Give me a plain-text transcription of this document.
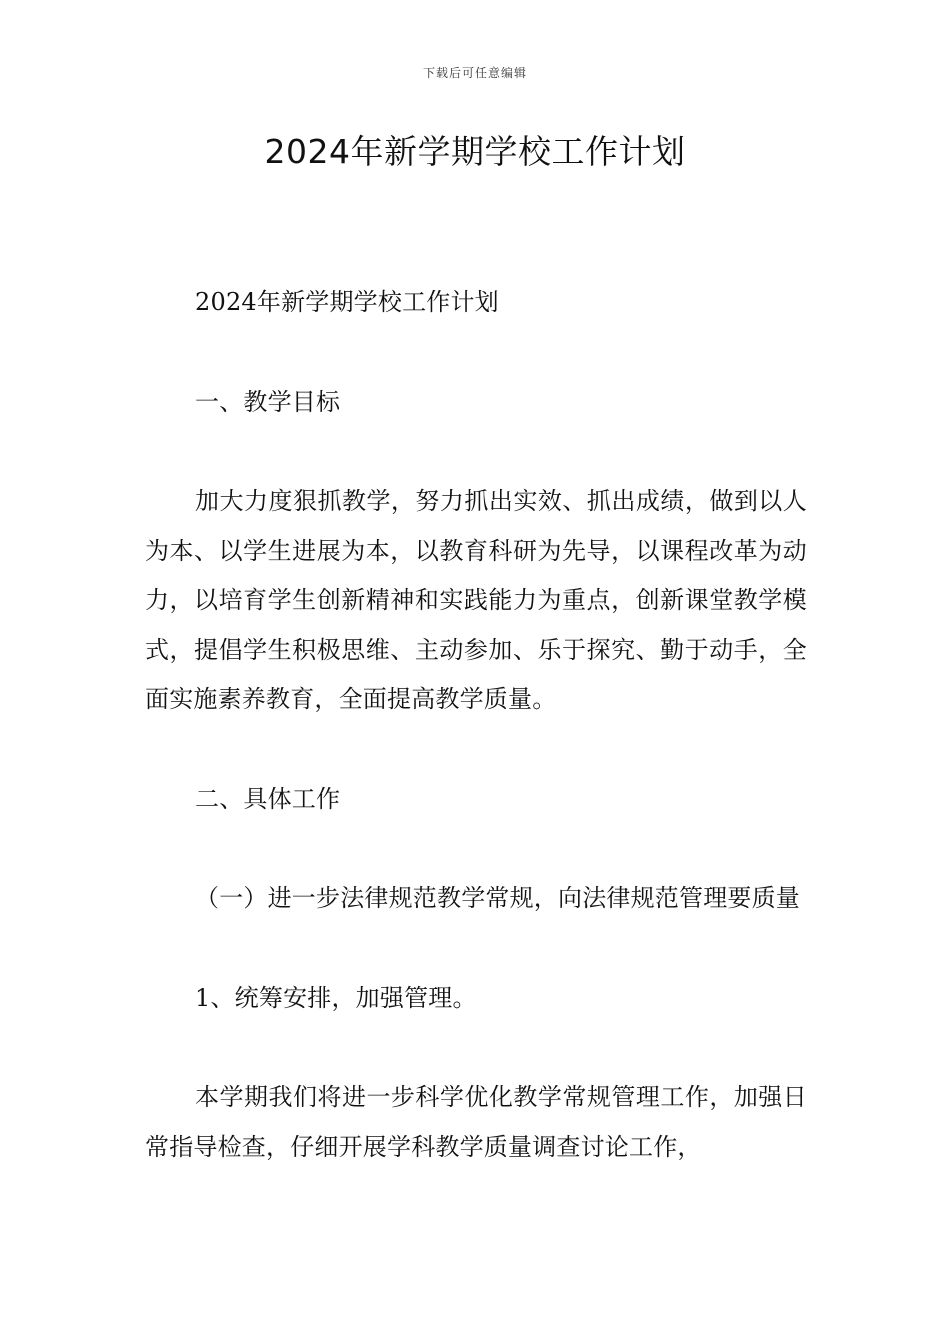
下载后可任意编辑
2024年新学期学校工作计划

2024年新学期学校工作计划

一、教学目标

加大力度狠抓教学，努力抓出实效、抓出成绩，做到以人为本、以学生进展为本，以教育科研为先导，以课程改革为动力，以培育学生创新精神和实践能力为重点，创新课堂教学模式，提倡学生积极思维、主动参加、乐于探究、勤于动手，全面实施素养教育，全面提高教学质量。

二、具体工作

（一）进一步法律规范教学常规，向法律规范管理要质量

1、统筹安排，加强管理。

本学期我们将进一步科学优化教学常规管理工作，加强日常指导检查，仔细开展学科教学质量调查讨论工作，
